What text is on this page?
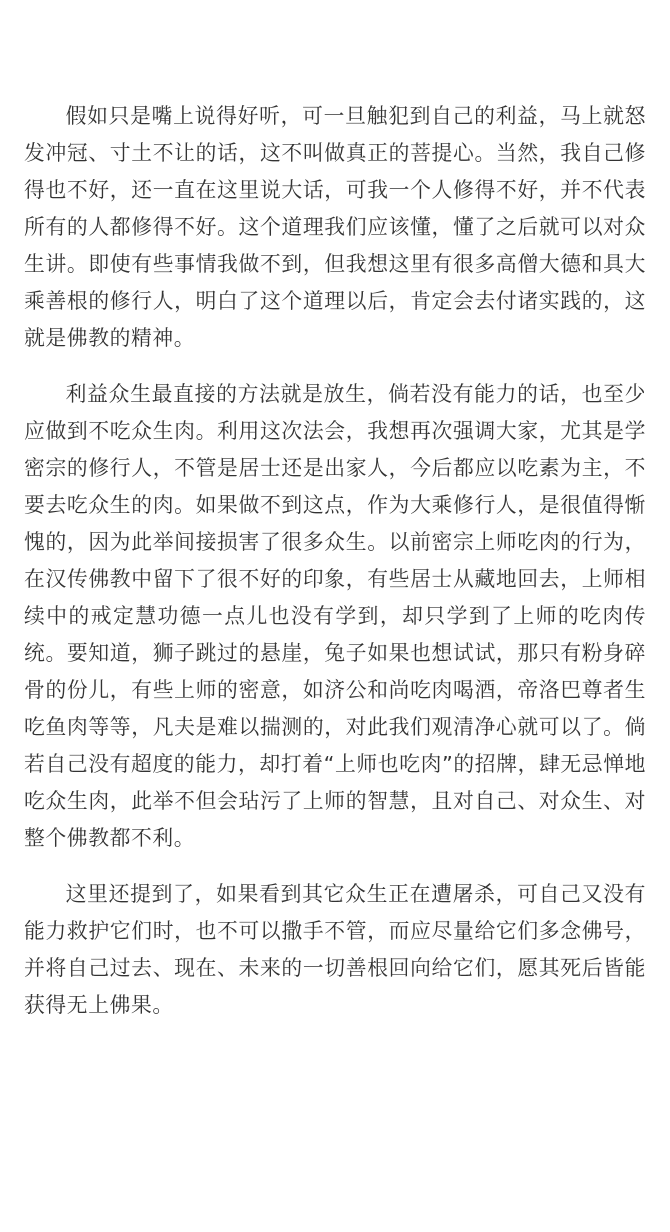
假如只是嘴上说得好听，可一旦触犯到自己的利益，马上就怒发冲冠、寸土不让的话，这不叫做真正的菩提心。当然，我自己修得也不好，还一直在这里说大话，可我一个人修得不好，并不代表所有的人都修得不好。这个道理我们应该懂，懂了之后就可以对众生讲。即使有些事情我做不到，但我想这里有很多高僧大德和具大乘善根的修行人，明白了这个道理以后，肯定会去付诸实践的，这就是佛教的精神。

利益众生最直接的方法就是放生，倘若没有能力的话，也至少应做到不吃众生肉。利用这次法会，我想再次强调大家，尤其是学密宗的修行人，不管是居士还是出家人，今后都应以吃素为主，不要去吃众生的肉。如果做不到这点，作为大乘修行人，是很值得惭愧的，因为此举间接损害了很多众生。以前密宗上师吃肉的行为，在汉传佛教中留下了很不好的印象，有些居士从藏地回去，上师相续中的戒定慧功德一点儿也没有学到，却只学到了上师的吃肉传统。要知道，狮子跳过的悬崖，兔子如果也想试试，那只有粉身碎骨的份儿，有些上师的密意，如济公和尚吃肉喝酒，帝洛巴尊者生吃鱼肉等等，凡夫是难以揣测的，对此我们观清净心就可以了。倘若自己没有超度的能力，却打着“上师也吃肉”的招牌，肆无忌惮地吃众生肉，此举不但会玷污了上师的智慧，且对自己、对众生、对整个佛教都不利。

这里还提到了，如果看到其它众生正在遭屠杀，可自己又没有能力救护它们时，也不可以撒手不管，而应尽量给它们多念佛号，并将自己过去、现在、未来的一切善根回向给它们，愿其死后皆能获得无上佛果。
